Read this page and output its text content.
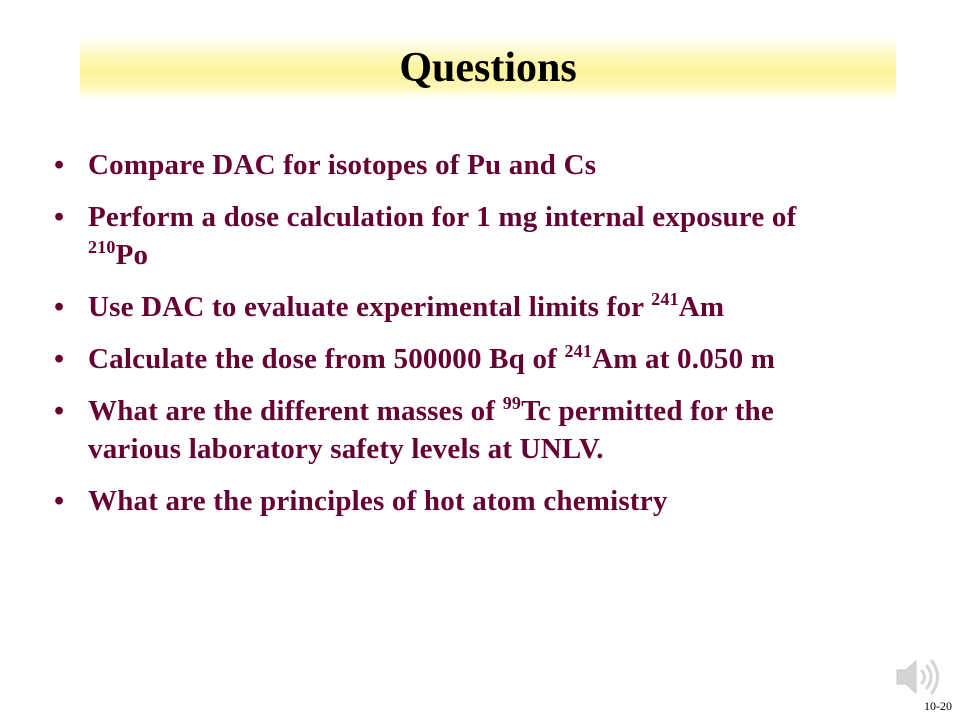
Questions
• Compare DAC for isotopes of Pu and Cs
• Perform a dose calculation for 1 mg internal exposure of $^{210}$Po
• Use DAC to evaluate experimental limits for $^{241}$Am
• Calculate the dose from 500000 Bq of $^{241}$Am at 0.050 m
• What are the different masses of $^{99}$Tc permitted for the various laboratory safety levels at UNLV.
• What are the principles of hot atom chemistry
10-20
